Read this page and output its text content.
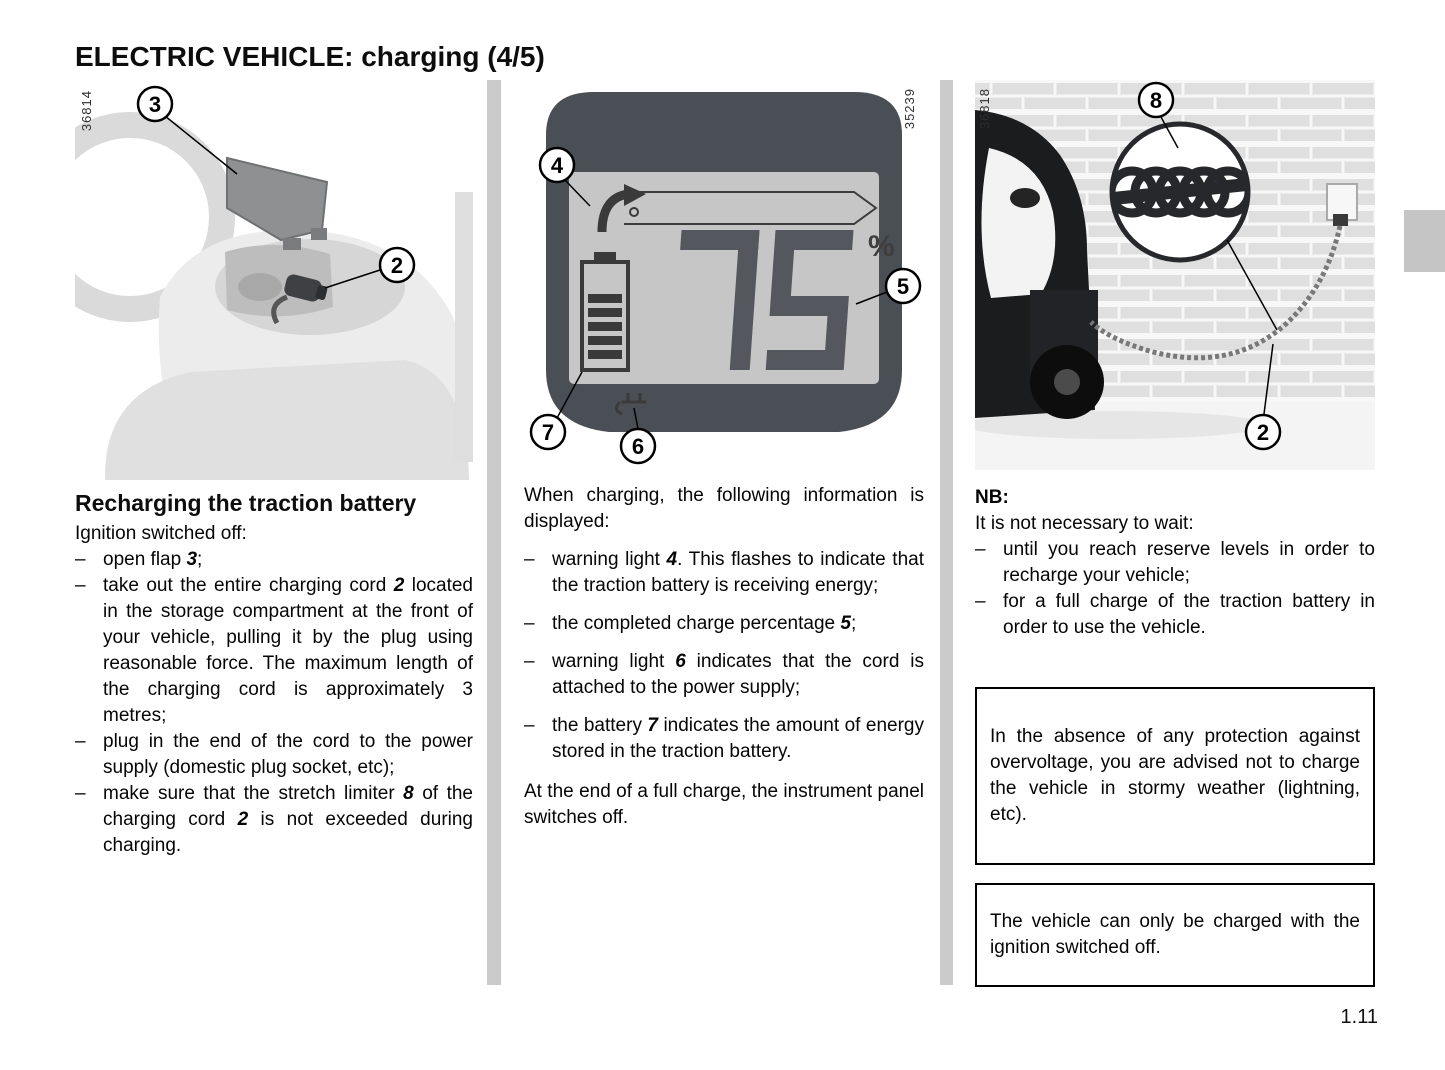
ELECTRIC VEHICLE: charging (4/5)
3
2
36814
Recharging the traction battery

Ignition switched off:

– open flap 3;
– take out the entire charging cord 2 located in the storage compartment at the front of your vehicle, pulling it by the plug using reasonable force. The maximum length of the charging cord is approximately 3 metres;
– plug in the end of the cord to the power supply (domestic plug socket, etc);
– make sure that the stretch limiter 8 of the charging cord 2 is not exceeded during charging.
%
4
5
6
7
35239

When charging, the following information is displayed:

– warning light 4. This flashes to indicate that the traction battery is receiving energy;
– the completed charge percentage 5;
– warning light 6 indicates that the cord is attached to the power supply;
– the battery 7 indicates the amount of energy stored in the traction battery.

At the end of a full charge, the instrument panel switches off.

8
2
36818
NB:
It is not necessary to wait:
– until you reach reserve levels in order to recharge your vehicle;
– for a full charge of the traction battery in order to use the vehicle.
In the absence of any protection against overvoltage, you are advised not to charge the vehicle in stormy weather (lightning, etc).
The vehicle can only be charged with the ignition switched off.
1.11
